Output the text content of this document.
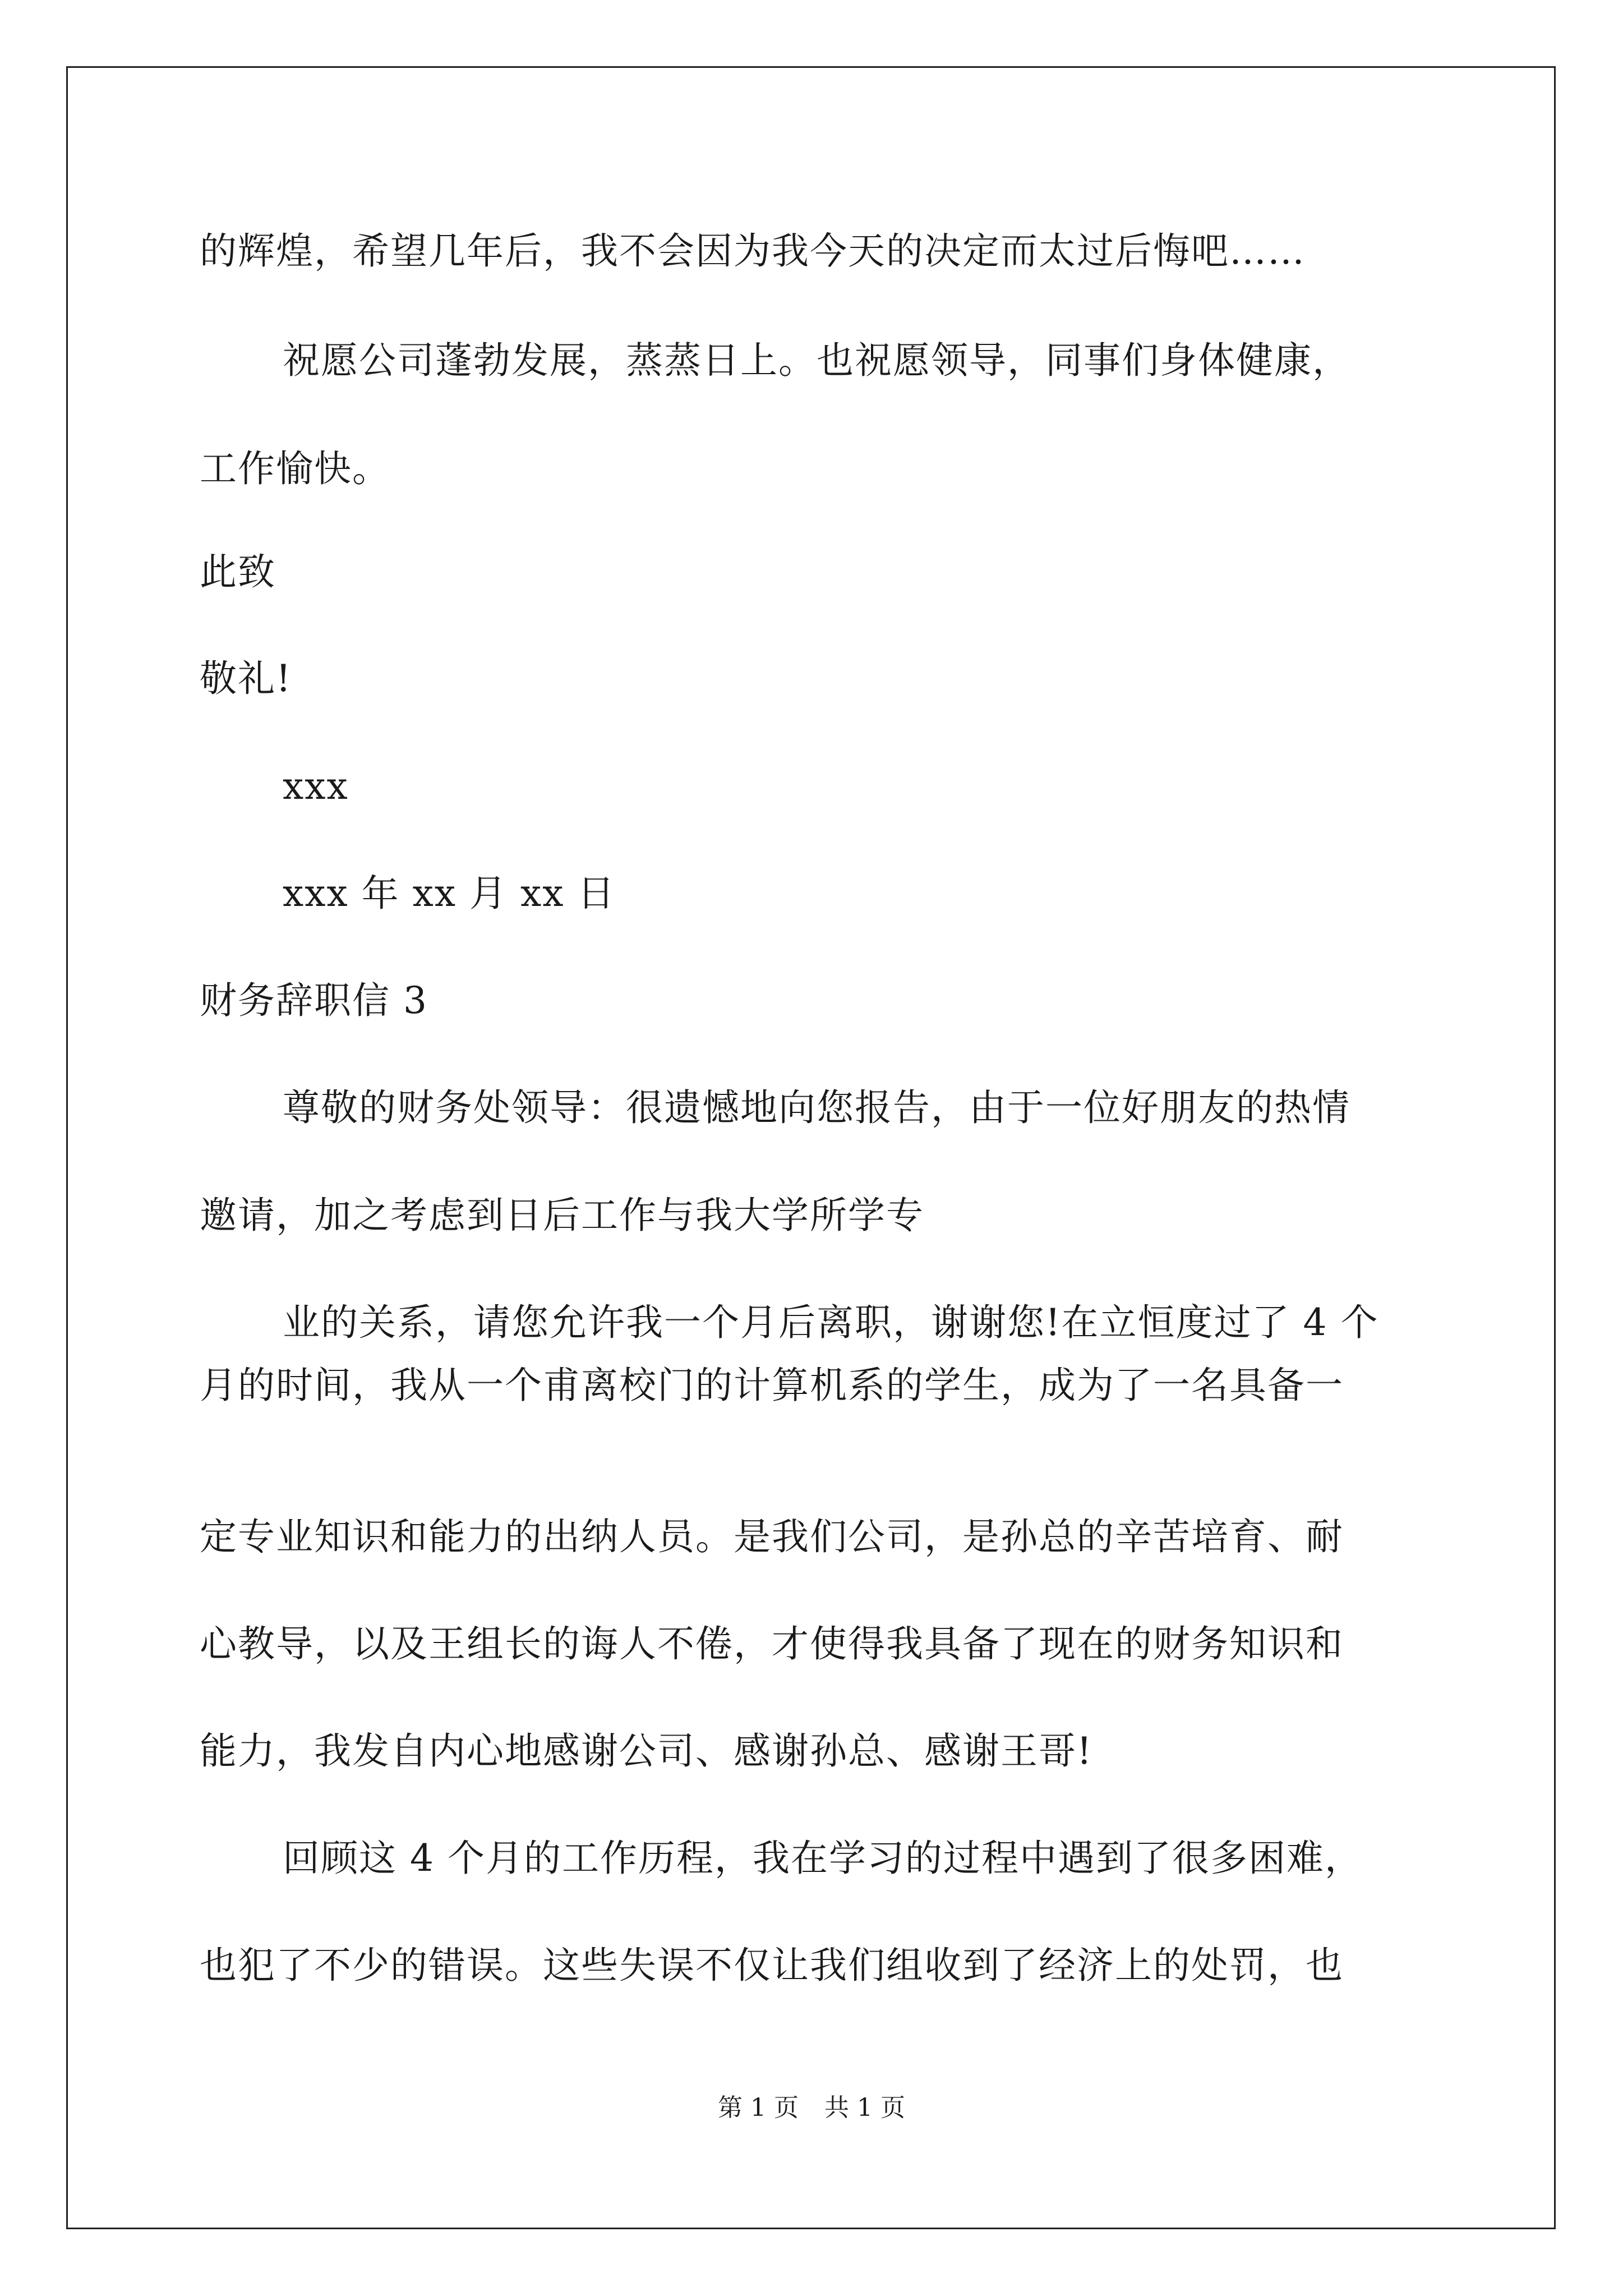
的辉煌，希望几年后，我不会因为我今天的决定而太过后悔吧……
祝愿公司蓬勃发展，蒸蒸日上。也祝愿领导，同事们身体健康，
工作愉快。
此致
敬礼!
xxx
xxx 年 xx 月 xx 日
财务辞职信 3
尊敬的财务处领导：很遗憾地向您报告，由于一位好朋友的热情
邀请，加之考虑到日后工作与我大学所学专
业的关系，请您允许我一个月后离职，谢谢您!在立恒度过了 4 个
月的时间，我从一个甫离校门的计算机系的学生，成为了一名具备一
定专业知识和能力的出纳人员。是我们公司，是孙总的辛苦培育、耐
心教导，以及王组长的诲人不倦，才使得我具备了现在的财务知识和
能力，我发自内心地感谢公司、感谢孙总、感谢王哥!
回顾这 4 个月的工作历程，我在学习的过程中遇到了很多困难，
也犯了不少的错误。这些失误不仅让我们组收到了经济上的处罚，也
第 1 页 共 1 页
